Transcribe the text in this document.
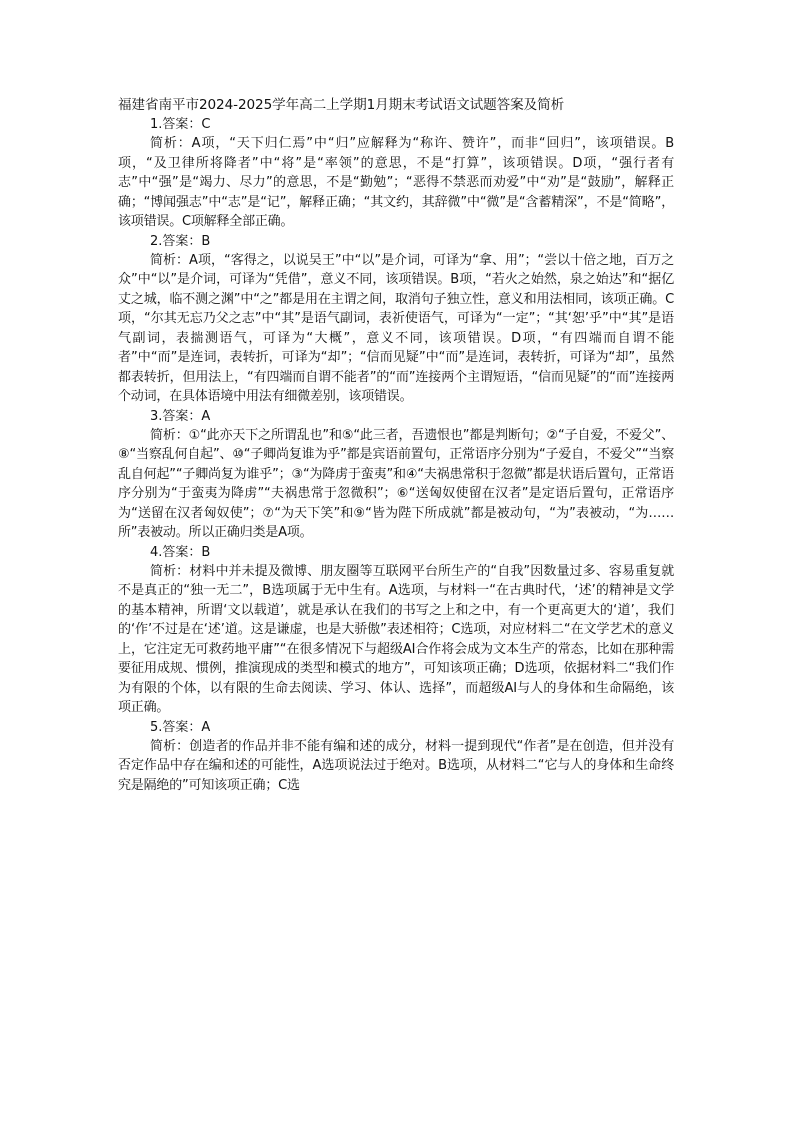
福建省南平市2024-2025学年高二上学期1月期末考试语文试题答案及简析

1.答案：C

简析：A项，“天下归仁焉”中“归”应解释为“称许、赞许”，而非“回归”，该项错误。B项，“及卫律所将降者”中“将”是“率领”的意思，不是“打算”，该项错误。D项，“强行者有志”中“强”是“竭力、尽力”的意思，不是“勤勉”；“恶得不禁恶而劝爱”中“劝”是“鼓励”，解释正确；“博闻强志”中“志”是“记”，解释正确；“其文约，其辞微”中“微”是“含蓄精深”，不是“简略”，该项错误。C项解释全部正确。

2.答案：B

简析：A项，“客得之，以说吴王”中“以”是介词，可译为“拿、用”；“尝以十倍之地，百万之众”中“以”是介词，可译为“凭借”，意义不同，该项错误。B项，“若火之始然，泉之始达”和“据亿丈之城，临不测之渊”中“之”都是用在主谓之间，取消句子独立性，意义和用法相同，该项正确。C项，“尔其无忘乃父之志”中“其”是语气副词，表祈使语气，可译为“一定”；“其‘恕’乎”中“其”是语气副词，表揣测语气，可译为“大概”，意义不同，该项错误。D项，“有四端而自谓不能者”中“而”是连词，表转折，可译为“却”；“信而见疑”中“而”是连词，表转折，可译为“却”，虽然都表转折，但用法上，“有四端而自谓不能者”的“而”连接两个主谓短语，“信而见疑”的“而”连接两个动词，在具体语境中用法有细微差别，该项错误。

3.答案：A

简析：①“此亦天下之所谓乱也”和⑤“此三者，吾遗恨也”都是判断句；②“子自爱，不爱父”、⑧“当察乱何自起”、⑩“子卿尚复谁为乎”都是宾语前置句，正常语序分别为“子爱自，不爱父”“当察乱自何起”“子卿尚复为谁乎”；③“为降虏于蛮夷”和④“夫祸患常积于忽微”都是状语后置句，正常语序分别为“于蛮夷为降虏”“夫祸患常于忽微积”；⑥“送匈奴使留在汉者”是定语后置句，正常语序为“送留在汉者匈奴使”；⑦“为天下笑”和⑨“皆为陛下所成就”都是被动句，“为”表被动，“为……所”表被动。所以正确归类是A项。

4.答案：B

简析：材料中并未提及微博、朋友圈等互联网平台所生产的“自我”因数量过多、容易重复就不是真正的“独一无二”，B选项属于无中生有。A选项，与材料一“在古典时代，‘述’的精神是文学的基本精神，所谓‘文以载道’，就是承认在我们的书写之上和之中，有一个更高更大的‘道’，我们的‘作’不过是在‘述’道。这是谦虚，也是大骄傲”表述相符；C选项，对应材料二“在文学艺术的意义上，它注定无可救药地平庸”“在很多情况下与超级AI合作将会成为文本生产的常态，比如在那种需要征用成规、惯例，推演现成的类型和模式的地方”，可知该项正确；D选项，依据材料二“我们作为有限的个体，以有限的生命去阅读、学习、体认、选择”，而超级AI与人的身体和生命隔绝，该项正确。

5.答案：A

简析：创造者的作品并非不能有编和述的成分，材料一提到现代“作者”是在创造，但并没有否定作品中存在编和述的可能性，A选项说法过于绝对。B选项，从材料二“它与人的身体和生命终究是隔绝的”可知该项正确；C选
